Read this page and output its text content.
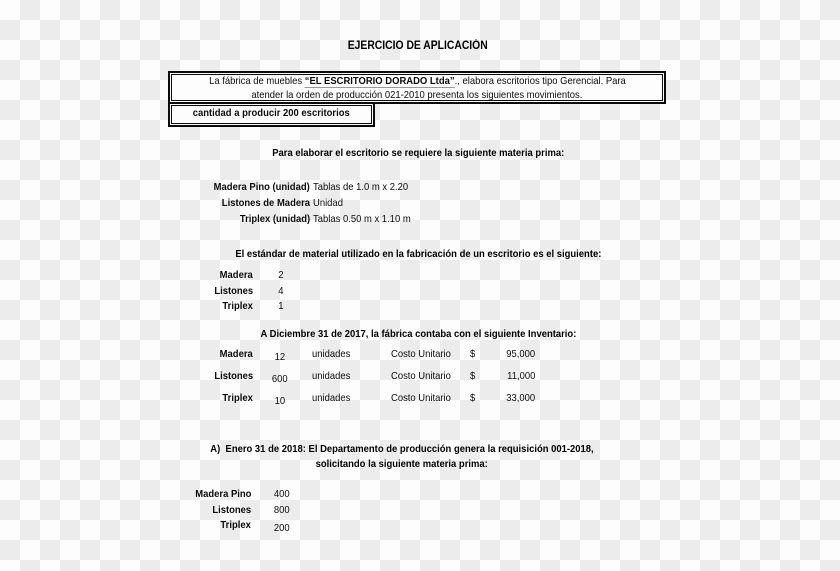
EJERCICIO DE APLICACIÓN
La fábrica de muebles “EL ESCRITORIO DORADO Ltda”., elabora escritorios tipo Gerencial. Para
atender la orden de producción 021-2010 presenta los siguientes movimientos.
cantidad a producir 200 escritorios
Para elaborar el escritorio se requiere la siguiente materia prima:
Madera Pino (unidad) Tablas de 1.0 m x 2.20
Listones de Madera Unidad
Triplex (unidad) Tablas 0.50 m x 1.10 m
El estándar de material utilizado en la fabricación de un escritorio es el siguiente:
Madera	2
Listones	4
Triplex	1
A Diciembre 31 de 2017, la fábrica contaba con el siguiente Inventario:
Madera	12	unidades	Costo Unitario	$	95,000
Listones	600	unidades	Costo Unitario	$	11,000
Triplex	10	unidades	Costo Unitario	$	33,000
A)  Enero 31 de 2018: El Departamento de producción genera la requisición 001-2018,
solicitando la siguiente materia prima:
Madera Pino	400
Listones	800
Triplex	200
